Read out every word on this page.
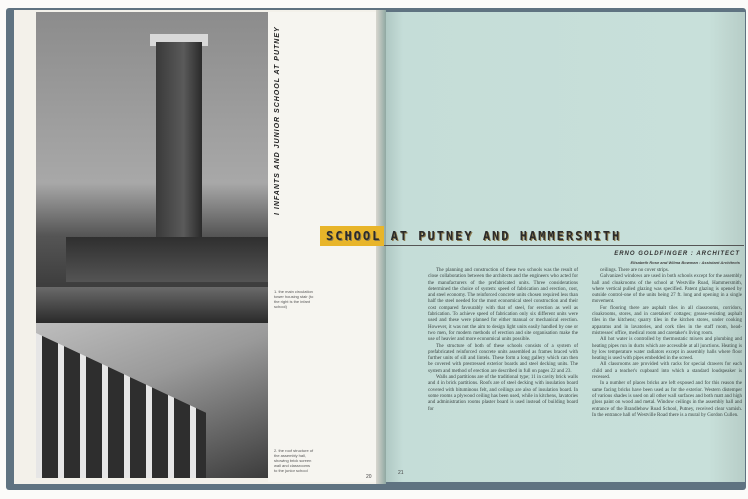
I INFANTS AND JUNIOR SCHOOL AT PUTNEY
1. the main circulation tower housing stair (to the right is the infant school)
2. the roof structure of the assembly hall, showing brick screen wall and classrooms to the junior school
20
SCHOOL AT PUTNEY AND HAMMERSMITH
ERNO GOLDFINGER : ARCHITECT
Elisabeth Rose and Wilma Bowman : Assistant Architects

The planning and construction of these two schools was the result of close collaboration between the architects and the engineers who acted for the manufacturers of the prefabricated units. Three considerations determined the choice of system: speed of fabrication and erection, cost, and steel economy. The reinforced concrete units chosen required less than half the steel needed for the most economical steel construction and their cost compared favourably with that of steel, for erection as well as fabrication. To achieve speed of fabrication only six different units were used and these were planned for either manual or mechanical erection. However, it was not the aim to design light units easily handled by one or two men, for modern methods of erection and site organisation make the use of heavier and more economical units possible.

The structure of both of these schools consists of a system of prefabricated reinforced concrete units assembled as frames braced with further units of sill and lintels. These form a long gallery which can then be covered with prestressed exterior boards and steel decking units. The system and method of erection are described in full on pages 22 and 23.

Walls and partitions are of the traditional type; 11 in cavity brick walls and 4 in brick partitions. Roofs are of steel decking with insulation board covered with bituminous felt, and ceilings are also of insulation board. In some rooms a plywood ceiling has been used, while in kitchens, lavatories and administration rooms plaster board is used instead of building board for

ceilings. There are no cover strips.

Galvanized windows are used in both schools except for the assembly hall and cloakrooms of the school at Westville Road, Hammersmith, where vertical pulled glazing was specified. Patent glazing is opened by outside control-one of the units being 27 ft. long and opening in a single movement.

For flooring there are asphalt tiles in all classrooms, corridors, cloakrooms, stores, and in caretakers' cottages; grease-resisting asphalt tiles in the kitchens; quarry tiles in the kitchen stores, under cooking apparatus and in lavatories, and cork tiles in the staff room, head-mistresses' office, medical room and caretaker's living room.

All hot water is controlled by thermostatic mixers and plumbing and heating pipes run in ducts which are accessible at all junctions. Heating is by low temperature water radiators except in assembly halls where floor heating is used with pipes embedded in the screed.

All classrooms are provided with racks for special drawers for each child and a teacher's cupboard into which a standard loudspeaker is recessed.

In a number of places bricks are left exposed and for this reason the same facing bricks have been used as for the exterior. Western distemper of various shades is used on all other wall surfaces and both matt and high gloss paint on wood and metal. Window ceilings in the assembly hall and entrance of the Brandlehow Road School, Putney, received clear varnish. In the entrance hall of Westville Road there is a mural by Gordon Cullen.

21
